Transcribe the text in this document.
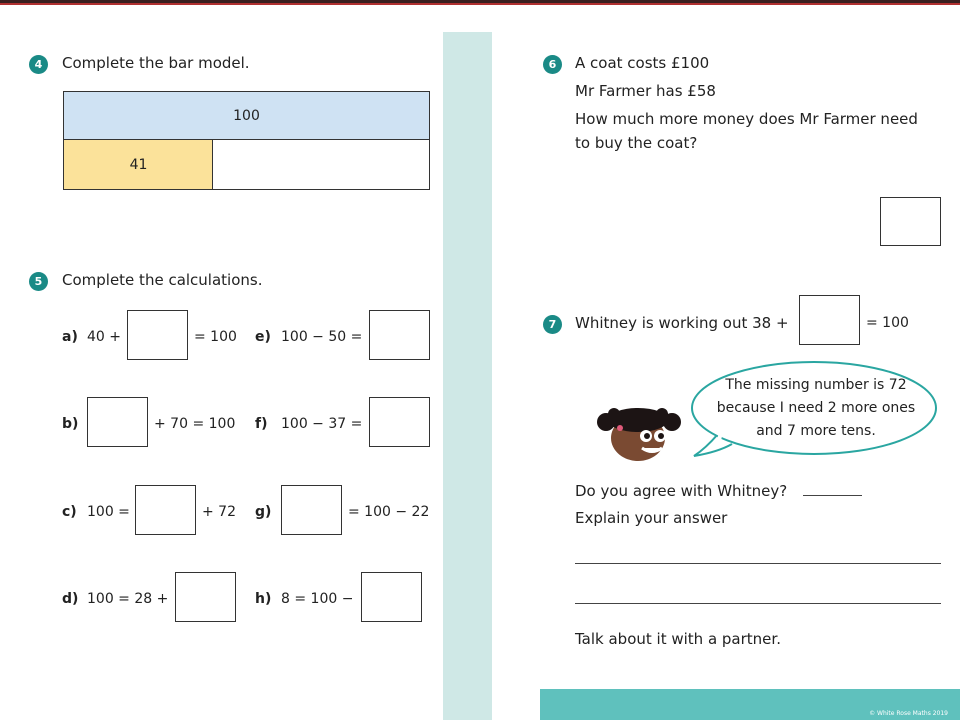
4	Complete the bar model.
100
41
5	Complete the calculations.
a) 40 +	= 100 e) 100 − 50 =
b)	+ 70 = 100 f) 100 − 37 =
c) 100 =	+ 72 g)	= 100 − 22
d) 100 = 28 +	h) 8 = 100 −
6	A coat costs £100
Mr Farmer has £58
How much more money does Mr Farmer need
to buy the coat?
7	Whitney is working out 38 +	= 100
The missing number is 72
because I need 2 more ones
and 7 more tens.
Do you agree with Whitney?
Explain your answer
Talk about it with a partner.
© White Rose Maths 2019
